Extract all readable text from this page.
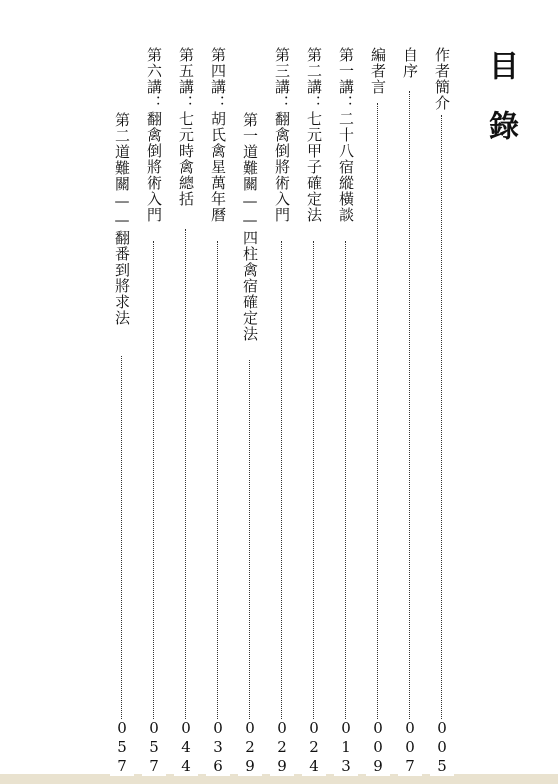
目錄
作者簡介
005
自序
007
編者言
009
第一講：二十八宿縱橫談
013
第二講：七元甲子確定法
024
第三講：翻禽倒將術入門
029
第一道難關——四柱禽宿確定法
029
第四講：胡氏禽星萬年曆
036
第五講：七元時禽總括
044
第六講：翻禽倒將術入門
057
第二道難關——翻番到將求法
057
